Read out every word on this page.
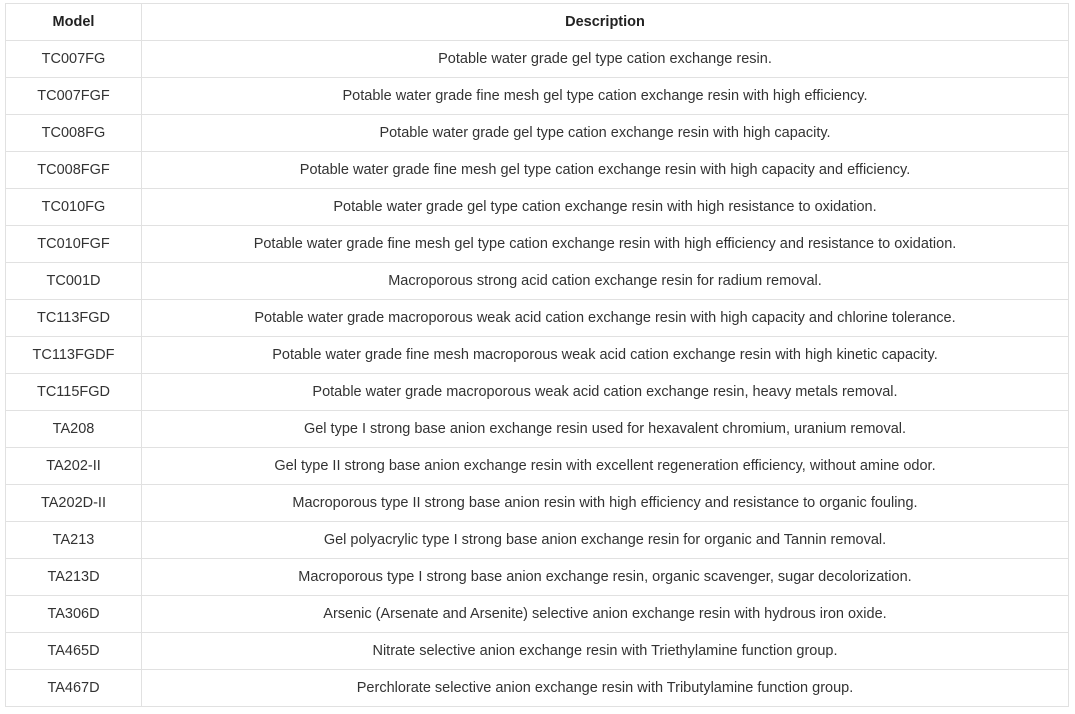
Model	Description
TC007FG	Potable water grade gel type cation exchange resin.
TC007FGF	Potable water grade fine mesh gel type cation exchange resin with high efficiency.
TC008FG	Potable water grade gel type cation exchange resin with high capacity.
TC008FGF	Potable water grade fine mesh gel type cation exchange resin with high capacity and efficiency.
TC010FG	Potable water grade gel type cation exchange resin with high resistance to oxidation.
TC010FGF	Potable water grade fine mesh gel type cation exchange resin with high efficiency and resistance to oxidation.
TC001D	Macroporous strong acid cation exchange resin for radium removal.
TC113FGD	Potable water grade macroporous weak acid cation exchange resin with high capacity and chlorine tolerance.
TC113FGDF	Potable water grade fine mesh macroporous weak acid cation exchange resin with high kinetic capacity.
TC115FGD	Potable water grade macroporous weak acid cation exchange resin, heavy metals removal.
TA208	Gel type I strong base anion exchange resin used for hexavalent chromium, uranium removal.
TA202-II	Gel type II strong base anion exchange resin with excellent regeneration efficiency, without amine odor.
TA202D-II	Macroporous type II strong base anion resin with high efficiency and resistance to organic fouling.
TA213	Gel polyacrylic type I strong base anion exchange resin for organic and Tannin removal.
TA213D	Macroporous type I strong base anion exchange resin, organic scavenger, sugar decolorization.
TA306D	Arsenic (Arsenate and Arsenite) selective anion exchange resin with hydrous iron oxide.
TA465D	Nitrate selective anion exchange resin with Triethylamine function group.
TA467D	Perchlorate selective anion exchange resin with Tributylamine function group.
